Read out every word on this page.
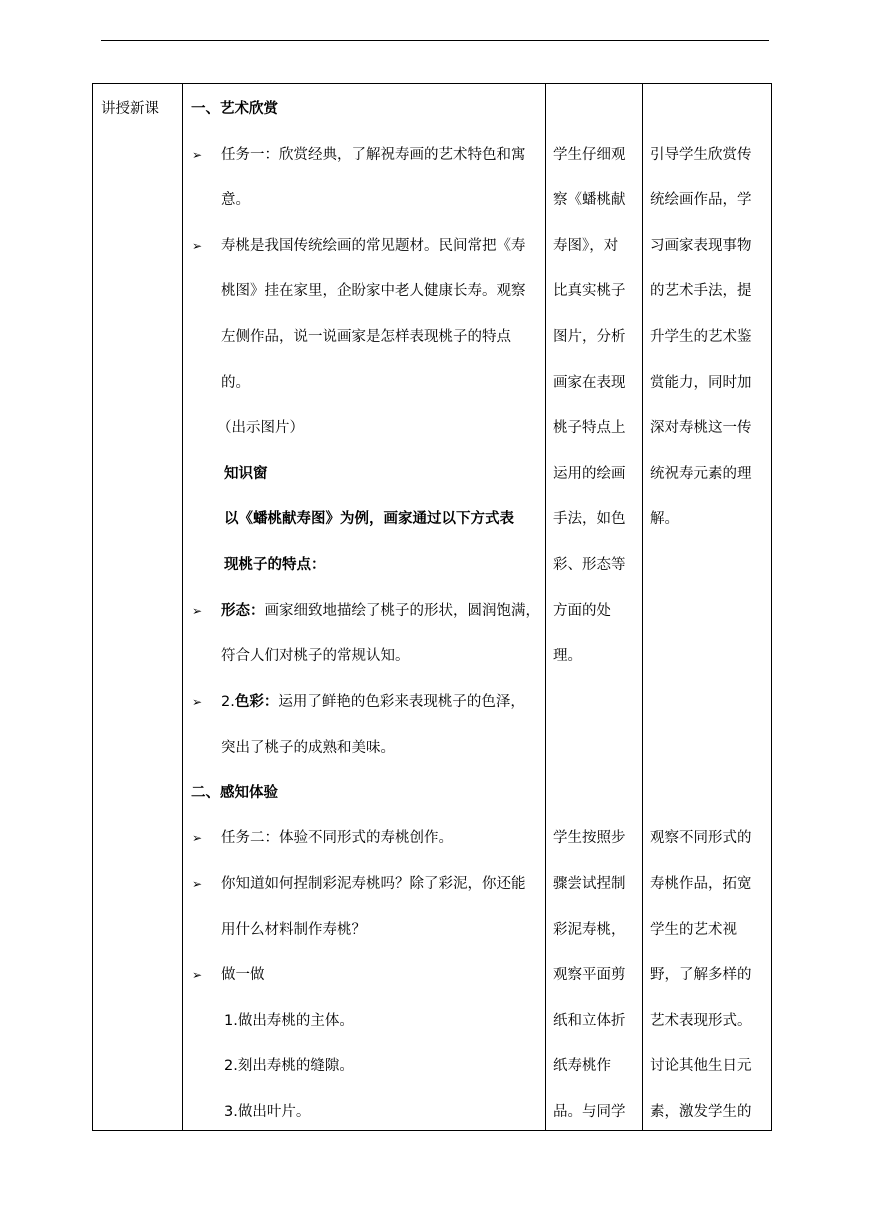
讲授新课 一、艺术欣赏
➢ 任务一：欣赏经典，了解祝寿画的艺术特色和寓
意。
➢ 寿桃是我国传统绘画的常见题材。民间常把《寿
桃图》挂在家里，企盼家中老人健康长寿。观察
左侧作品，说一说画家是怎样表现桃子的特点
的。
（出示图片）
知识窗
以《蟠桃献寿图》为例，画家通过以下方式表
现桃子的特点：
➢ 形态：画家细致地描绘了桃子的形状，圆润饱满，
符合人们对桃子的常规认知。
➢ 2.色彩：运用了鲜艳的色彩来表现桃子的色泽，
突出了桃子的成熟和美味。
二、感知体验
➢ 任务二：体验不同形式的寿桃创作。
➢ 你知道如何捏制彩泥寿桃吗？除了彩泥，你还能
用什么材料制作寿桃？
➢ 做一做
1.做出寿桃的主体。
2.刻出寿桃的缝隙。
3.做出叶片。
学生仔细观
察《蟠桃献
寿图》，对
比真实桃子
图片，分析
画家在表现
桃子特点上
运用的绘画
手法，如色
彩、形态等
方面的处
理。
学生按照步
骤尝试捏制
彩泥寿桃，
观察平面剪
纸和立体折
纸寿桃作
品。与同学
引导学生欣赏传
统绘画作品，学
习画家表现事物
的艺术手法，提
升学生的艺术鉴
赏能力，同时加
深对寿桃这一传
统祝寿元素的理
解。
观察不同形式的
寿桃作品，拓宽
学生的艺术视
野，了解多样的
艺术表现形式。
讨论其他生日元
素，激发学生的
